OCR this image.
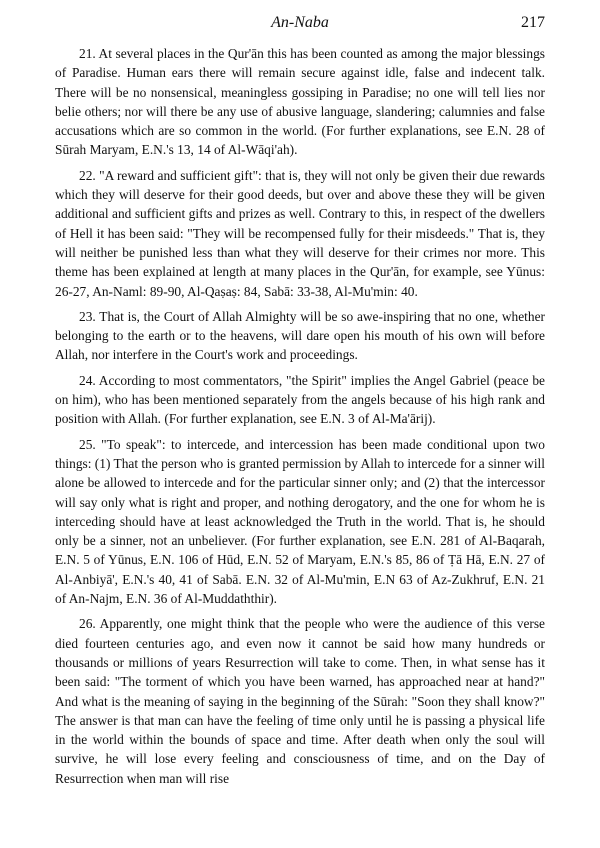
An-Naba	217

21. At several places in the Qur'ān this has been counted as among the major blessings of Paradise. Human ears there will remain secure against idle, false and indecent talk. There will be no nonsensical, meaningless gossiping in Paradise; no one will tell lies nor belie others; nor will there be any use of abusive language, slandering; calumnies and false accusations which are so common in the world. (For further explanations, see E.N. 28 of Sūrah Maryam, E.N.'s 13, 14 of Al-Wāqi'ah).

22. "A reward and sufficient gift": that is, they will not only be given their due rewards which they will deserve for their good deeds, but over and above these they will be given additional and sufficient gifts and prizes as well. Contrary to this, in respect of the dwellers of Hell it has been said: "They will be recompensed fully for their misdeeds." That is, they will neither be punished less than what they will deserve for their crimes nor more. This theme has been explained at length at many places in the Qur'ān, for example, see Yūnus: 26-27, An-Naml: 89-90, Al-Qaṣaṣ: 84, Sabā: 33-38, Al-Mu'min: 40.

23. That is, the Court of Allah Almighty will be so awe-inspiring that no one, whether belonging to the earth or to the heavens, will dare open his mouth of his own will before Allah, nor interfere in the Court's work and proceedings.

24. According to most commentators, "the Spirit" implies the Angel Gabriel (peace be on him), who has been mentioned separately from the angels because of his high rank and position with Allah. (For further explanation, see E.N. 3 of Al-Ma'ārij).

25. "To speak": to intercede, and intercession has been made conditional upon two things: (1) That the person who is granted permission by Allah to intercede for a sinner will alone be allowed to intercede and for the particular sinner only; and (2) that the intercessor will say only what is right and proper, and nothing derogatory, and the one for whom he is interceding should have at least acknowledged the Truth in the world. That is, he should only be a sinner, not an unbeliever. (For further explanation, see E.N. 281 of Al-Baqarah, E.N. 5 of Yūnus, E.N. 106 of Hūd, E.N. 52 of Maryam, E.N.'s 85, 86 of Ṭā Hā, E.N. 27 of Al-Anbiyā', E.N.'s 40, 41 of Sabā. E.N. 32 of Al-Mu'min, E.N 63 of Az-Zukhruf, E.N. 21 of An-Najm, E.N. 36 of Al-Muddaththir).

26. Apparently, one might think that the people who were the audience of this verse died fourteen centuries ago, and even now it cannot be said how many hundreds or thousands or millions of years Resurrection will take to come. Then, in what sense has it been said: "The torment of which you have been warned, has approached near at hand?" And what is the meaning of saying in the beginning of the Sūrah: "Soon they shall know?" The answer is that man can have the feeling of time only until he is passing a physical life in the world within the bounds of space and time. After death when only the soul will survive, he will lose every feeling and consciousness of time, and on the Day of Resurrection when man will rise
